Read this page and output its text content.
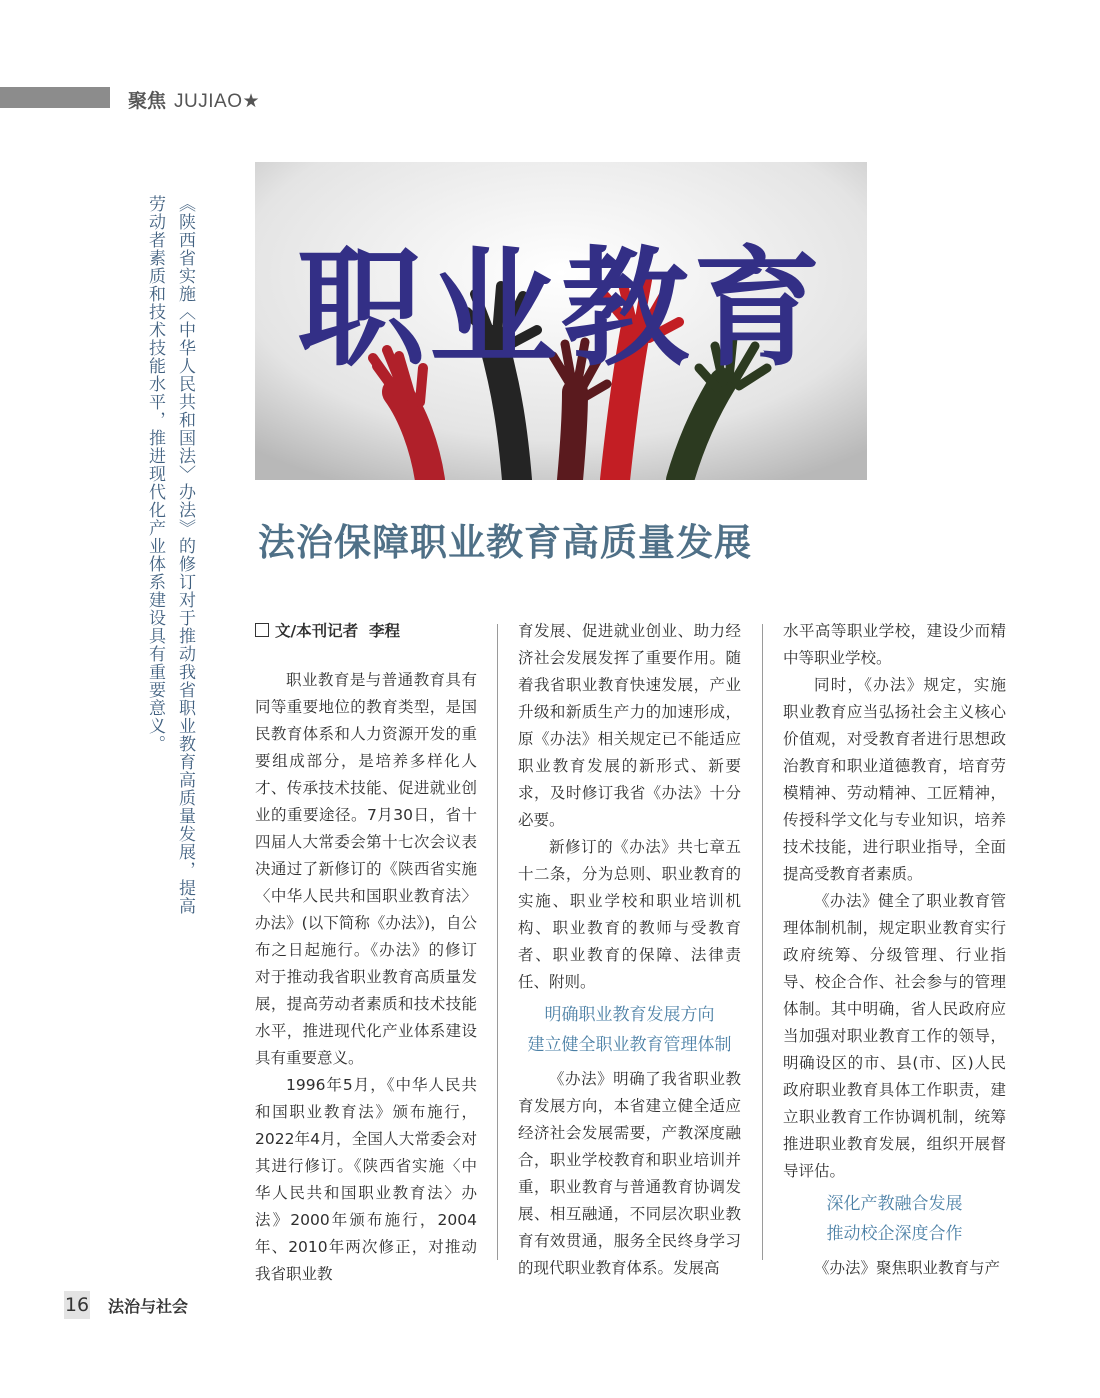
聚焦 JUJIAO★
《陕西省实施〈中华人民共和国法〉办法》的修订对于推动我省职业教育高质量发展，提高劳动者素质和技术技能水平，推进现代化产业体系建设具有重要意义。	职业教育
法治保障职业教育高质量发展
文/本刊记者 李程

职业教育是与普通教育具有同等重要地位的教育类型，是国民教育体系和人力资源开发的重要组成部分，是培养多样化人才、传承技术技能、促进就业创业的重要途径。7月30日，省十四届人大常委会第十七次会议表决通过了新修订的《陕西省实施〈中华人民共和国职业教育法〉办法》(以下简称《办法》)，自公布之日起施行。《办法》的修订对于推动我省职业教育高质量发展，提高劳动者素质和技术技能水平，推进现代化产业体系建设具有重要意义。

1996年5月，《中华人民共和国职业教育法》颁布施行，2022年4月，全国人大常委会对其进行修订。《陕西省实施〈中华人民共和国职业教育法〉办法》2000年颁布施行，2004年、2010年两次修正，对推动我省职业教

育发展、促进就业创业、助力经济社会发展发挥了重要作用。随着我省职业教育快速发展，产业升级和新质生产力的加速形成，原《办法》相关规定已不能适应职业教育发展的新形式、新要求，及时修订我省《办法》十分必要。

新修订的《办法》共七章五十二条，分为总则、职业教育的实施、职业学校和职业培训机构、职业教育的教师与受教育者、职业教育的保障、法律责任、附则。

明确职业教育发展方向
建立健全职业教育管理体制

《办法》明确了我省职业教育发展方向，本省建立健全适应经济社会发展需要，产教深度融合，职业学校教育和职业培训并重，职业教育与普通教育协调发展、相互融通，不同层次职业教育有效贯通，服务全民终身学习的现代职业教育体系。发展高

水平高等职业学校，建设少而精中等职业学校。

同时，《办法》规定，实施职业教育应当弘扬社会主义核心价值观，对受教育者进行思想政治教育和职业道德教育，培育劳模精神、劳动精神、工匠精神，传授科学文化与专业知识，培养技术技能，进行职业指导，全面提高受教育者素质。

《办法》健全了职业教育管理体制机制，规定职业教育实行政府统筹、分级管理、行业指导、校企合作、社会参与的管理体制。其中明确，省人民政府应当加强对职业教育工作的领导，明确设区的市、县(市、区)人民政府职业教育具体工作职责，建立职业教育工作协调机制，统筹推进职业教育发展，组织开展督导评估。

深化产教融合发展
推动校企深度合作

《办法》聚焦职业教育与产

16 法治与社会
